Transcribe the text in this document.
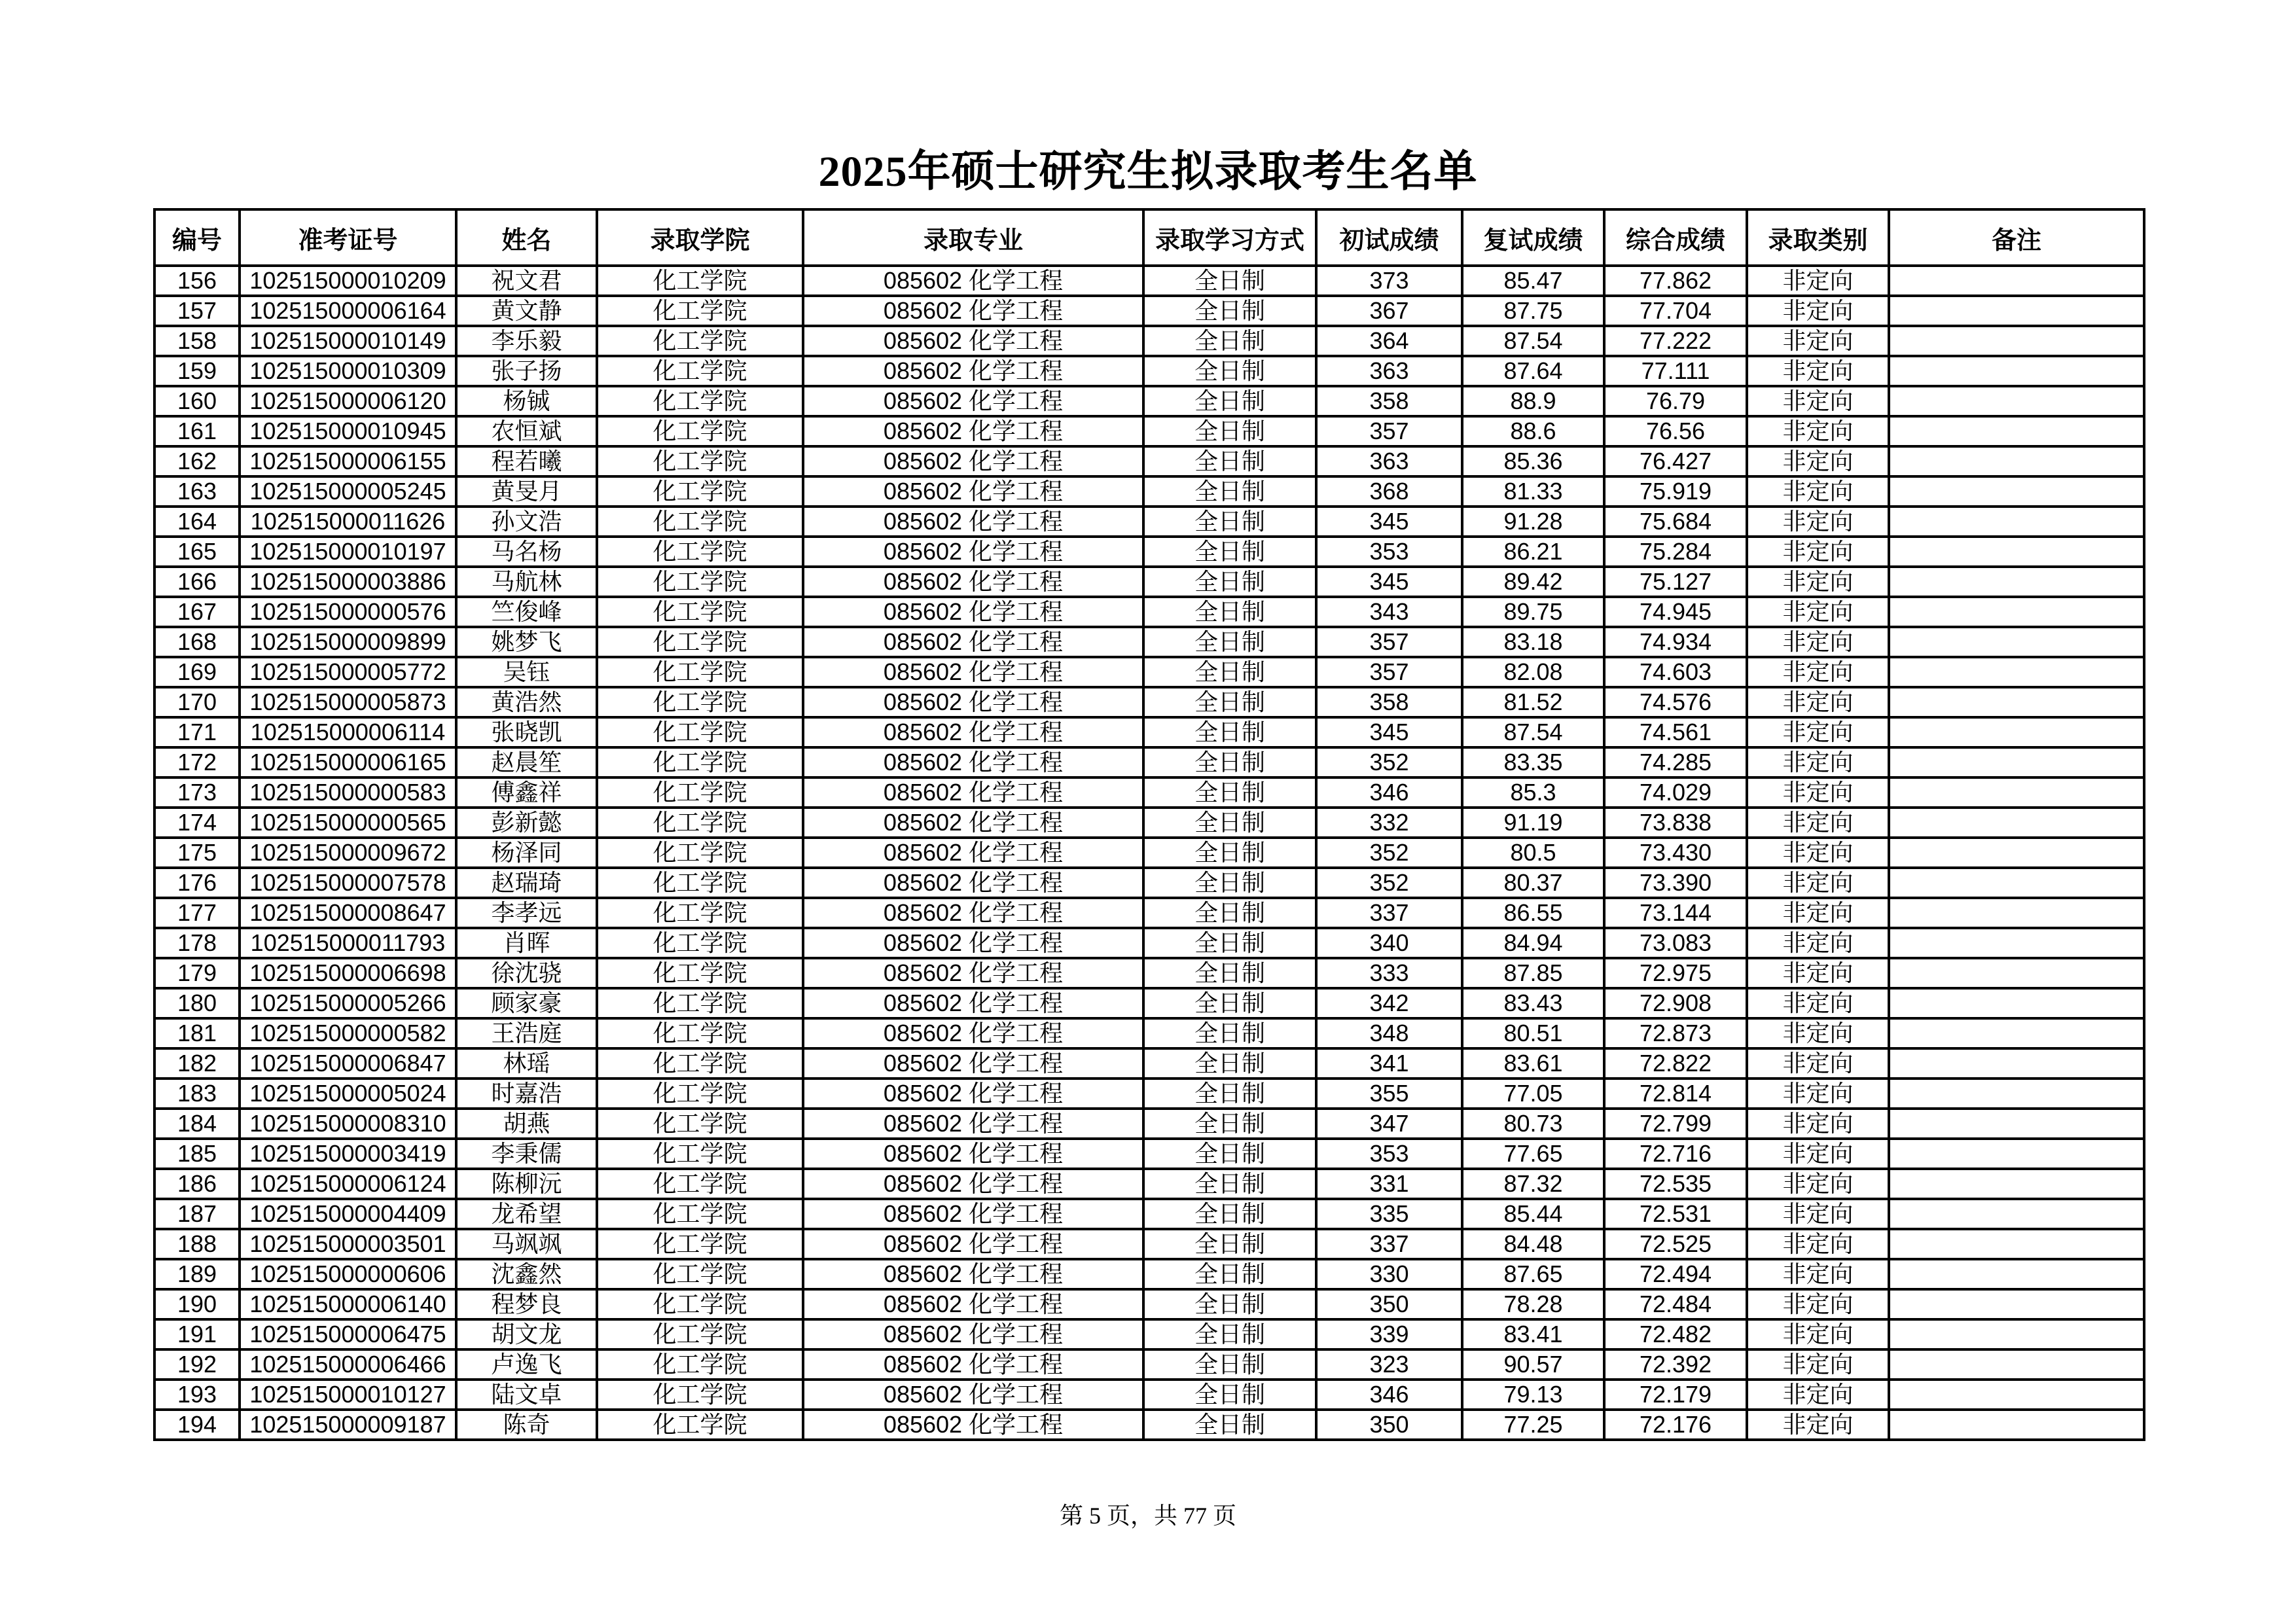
2025年硕士研究生拟录取考生名单
编号	准考证号	姓名	录取学院	录取专业	录取学习方式	初试成绩	复试成绩	综合成绩	录取类别	备注
156	102515000010209	祝文君	化工学院	085602 化学工程	全日制	373	85.47	77.862	非定向	
157	102515000006164	黄文静	化工学院	085602 化学工程	全日制	367	87.75	77.704	非定向	
158	102515000010149	李乐毅	化工学院	085602 化学工程	全日制	364	87.54	77.222	非定向	
159	102515000010309	张子扬	化工学院	085602 化学工程	全日制	363	87.64	77.111	非定向	
160	102515000006120	杨铖	化工学院	085602 化学工程	全日制	358	88.9	76.79	非定向	
161	102515000010945	农恒斌	化工学院	085602 化学工程	全日制	357	88.6	76.56	非定向	
162	102515000006155	程若曦	化工学院	085602 化学工程	全日制	363	85.36	76.427	非定向	
163	102515000005245	黄旻月	化工学院	085602 化学工程	全日制	368	81.33	75.919	非定向	
164	102515000011626	孙文浩	化工学院	085602 化学工程	全日制	345	91.28	75.684	非定向	
165	102515000010197	马名杨	化工学院	085602 化学工程	全日制	353	86.21	75.284	非定向	
166	102515000003886	马航林	化工学院	085602 化学工程	全日制	345	89.42	75.127	非定向	
167	102515000000576	竺俊峰	化工学院	085602 化学工程	全日制	343	89.75	74.945	非定向	
168	102515000009899	姚梦飞	化工学院	085602 化学工程	全日制	357	83.18	74.934	非定向	
169	102515000005772	吴钰	化工学院	085602 化学工程	全日制	357	82.08	74.603	非定向	
170	102515000005873	黄浩然	化工学院	085602 化学工程	全日制	358	81.52	74.576	非定向	
171	102515000006114	张晓凯	化工学院	085602 化学工程	全日制	345	87.54	74.561	非定向	
172	102515000006165	赵晨笙	化工学院	085602 化学工程	全日制	352	83.35	74.285	非定向	
173	102515000000583	傅鑫祥	化工学院	085602 化学工程	全日制	346	85.3	74.029	非定向	
174	102515000000565	彭新懿	化工学院	085602 化学工程	全日制	332	91.19	73.838	非定向	
175	102515000009672	杨泽同	化工学院	085602 化学工程	全日制	352	80.5	73.430	非定向	
176	102515000007578	赵瑞琦	化工学院	085602 化学工程	全日制	352	80.37	73.390	非定向	
177	102515000008647	李孝远	化工学院	085602 化学工程	全日制	337	86.55	73.144	非定向	
178	102515000011793	肖晖	化工学院	085602 化学工程	全日制	340	84.94	73.083	非定向	
179	102515000006698	徐沈骁	化工学院	085602 化学工程	全日制	333	87.85	72.975	非定向	
180	102515000005266	顾家豪	化工学院	085602 化学工程	全日制	342	83.43	72.908	非定向	
181	102515000000582	王浩庭	化工学院	085602 化学工程	全日制	348	80.51	72.873	非定向	
182	102515000006847	林瑶	化工学院	085602 化学工程	全日制	341	83.61	72.822	非定向	
183	102515000005024	时嘉浩	化工学院	085602 化学工程	全日制	355	77.05	72.814	非定向	
184	102515000008310	胡燕	化工学院	085602 化学工程	全日制	347	80.73	72.799	非定向	
185	102515000003419	李秉儒	化工学院	085602 化学工程	全日制	353	77.65	72.716	非定向	
186	102515000006124	陈柳沅	化工学院	085602 化学工程	全日制	331	87.32	72.535	非定向	
187	102515000004409	龙希望	化工学院	085602 化学工程	全日制	335	85.44	72.531	非定向	
188	102515000003501	马飒飒	化工学院	085602 化学工程	全日制	337	84.48	72.525	非定向	
189	102515000000606	沈鑫然	化工学院	085602 化学工程	全日制	330	87.65	72.494	非定向	
190	102515000006140	程梦良	化工学院	085602 化学工程	全日制	350	78.28	72.484	非定向	
191	102515000006475	胡文龙	化工学院	085602 化学工程	全日制	339	83.41	72.482	非定向	
192	102515000006466	卢逸飞	化工学院	085602 化学工程	全日制	323	90.57	72.392	非定向	
193	102515000010127	陆文卓	化工学院	085602 化学工程	全日制	346	79.13	72.179	非定向	
194	102515000009187	陈奇	化工学院	085602 化学工程	全日制	350	77.25	72.176	非定向	
第 5 页，共 77 页
